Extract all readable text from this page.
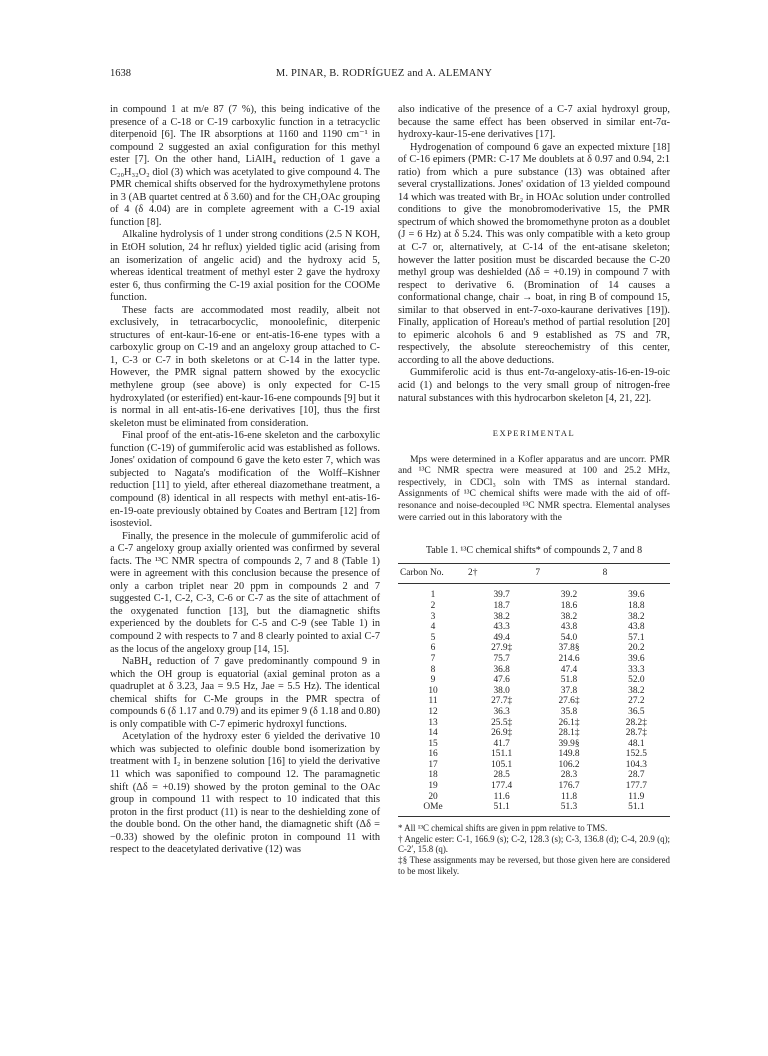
1638	M. PINAR, B. RODRÍGUEZ and A. ALEMANY

in compound 1 at m/e 87 (7 %), this being indicative of the presence of a C-18 or C-19 carboxylic function in a tetracyclic diterpenoid [6]. The IR absorptions at 1160 and 1190 cm⁻¹ in compound 2 suggested an axial configuration for this methyl ester [7]. On the other hand, LiAlH₄ reduction of 1 gave a C₂₀H₃₂O₂ diol (3) which was acetylated to give compound 4. The PMR chemical shifts observed for the hydroxymethylene protons in 3 (AB quartet centred at δ 3.60) and for the CH₂OAc grouping of 4 (δ 4.04) are in complete agreement with a C-19 axial function [8].

Alkaline hydrolysis of 1 under strong conditions (2.5 N KOH, in EtOH solution, 24 hr reflux) yielded tiglic acid (arising from an isomerization of angelic acid) and the hydroxy acid 5, whereas identical treatment of methyl ester 2 gave the hydroxy ester 6, thus confirming the C-19 axial position for the COOMe function.

These facts are accommodated most readily, albeit not exclusively, in tetracarbocyclic, monoolefinic, diterpenic structures of ent-kaur-16-ene or ent-atis-16-ene types with a carboxylic group on C-19 and an angeloxy group attached to C-1, C-3 or C-7 in both skeletons or at C-14 in the latter type. However, the PMR signal pattern showed by the exocyclic methylene group (see above) is only expected for C-15 hydroxylated (or esterified) ent-kaur-16-ene compounds [9] but it is normal in all ent-atis-16-ene derivatives [10], thus the first skeleton must be eliminated from consideration.

Final proof of the ent-atis-16-ene skeleton and the carboxylic function (C-19) of gummiferolic acid was established as follows. Jones' oxidation of compound 6 gave the keto ester 7, which was subjected to Nagata's modification of the Wolff–Kishner reduction [11] to yield, after ethereal diazomethane treatment, a compound (8) identical in all respects with methyl ent-atis-16-en-19-oate previously obtained by Coates and Bertram [12] from isosteviol.

Finally, the presence in the molecule of gummiferolic acid of a C-7 angeloxy group axially oriented was confirmed by several facts. The ¹³C NMR spectra of compounds 2, 7 and 8 (Table 1) were in agreement with this conclusion because the presence of only a carbon triplet near 20 ppm in compounds 2 and 7 suggested C-1, C-2, C-3, C-6 or C-7 as the site of attachment of the oxygenated function [13], but the diamagnetic shifts experienced by the doublets for C-5 and C-9 (see Table 1) in compound 2 with respects to 7 and 8 clearly pointed to axial C-7 as the locus of the angeloxy group [14, 15].

NaBH₄ reduction of 7 gave predominantly compound 9 in which the OH group is equatorial (axial geminal proton as a quadruplet at δ 3.23, Jaa = 9.5 Hz, Jae = 5.5 Hz). The identical chemical shifts for C-Me groups in the PMR spectra of compounds 6 (δ 1.17 and 0.79) and its epimer 9 (δ 1.18 and 0.80) is only compatible with C-7 epimeric hydroxyl functions.

Acetylation of the hydroxy ester 6 yielded the derivative 10 which was subjected to olefinic double bond isomerization by treatment with I₂ in benzene solution [16] to yield the derivative 11 which was saponified to compound 12. The paramagnetic shift (Δδ = +0.19) showed by the proton geminal to the OAc group in compound 11 with respect to 10 indicated that this proton in the first product (11) is near to the deshielding zone of the double bond. On the other hand, the diamagnetic shift (Δδ = −0.33) showed by the olefinic proton in compound 11 with respect to the deacetylated derivative (12) was

also indicative of the presence of a C-7 axial hydroxyl group, because the same effect has been observed in similar ent-7α-hydroxy-kaur-15-ene derivatives [17].

Hydrogenation of compound 6 gave an expected mixture [18] of C-16 epimers (PMR: C-17 Me doublets at δ 0.97 and 0.94, 2:1 ratio) from which a pure substance (13) was obtained after several crystallizations. Jones' oxidation of 13 yielded compound 14 which was treated with Br₂ in HOAc solution under controlled conditions to give the monobromoderivative 15, the PMR spectrum of which showed the bromomethyne proton as a doublet (J = 6 Hz) at δ 5.24. This was only compatible with a keto group at C-7 or, alternatively, at C-14 of the ent-atisane skeleton; however the latter position must be discarded because the C-20 methyl group was deshielded (Δδ = +0.19) in compound 7 with respect to derivative 6. (Bromination of 14 causes a conformational change, chair → boat, in ring B of compound 15, similar to that observed in ent-7-oxo-kaurane derivatives [19]). Finally, application of Horeau's method of partial resolution [20] to epimeric alcohols 6 and 9 established as 7S and 7R, respectively, the absolute stereochemistry of this center, according to all the above deductions.

Gummiferolic acid is thus ent-7α-angeloxy-atis-16-en-19-oic acid (1) and belongs to the very small group of nitrogen-free natural substances with this hydrocarbon skeleton [4, 21, 22].

EXPERIMENTAL

Mps were determined in a Kofler apparatus and are uncorr. PMR and ¹³C NMR spectra were measured at 100 and 25.2 MHz, respectively, in CDCl₃ soln with TMS as internal standard. Assignments of ¹³C chemical shifts were made with the aid of off-resonance and noise-decoupled ¹³C NMR spectra. Elemental analyses were carried out in this laboratory with the

Table 1. ¹³C chemical shifts* of compounds 2, 7 and 8
Carbon No.	2†	7	8
1	39.7	39.2	39.6
2	18.7	18.6	18.8
3	38.2	38.2	38.2
4	43.3	43.8	43.8
5	49.4	54.0	57.1
6	27.9‡	37.8§	20.2
7	75.7	214.6	39.6
8	36.8	47.4	33.3
9	47.6	51.8	52.0
10	38.0	37.8	38.2
11	27.7‡	27.6‡	27.2
12	36.3	35.8	36.5
13	25.5‡	26.1‡	28.2‡
14	26.9‡	28.1‡	28.7‡
15	41.7	39.9§	48.1
16	151.1	149.8	152.5
17	105.1	106.2	104.3
18	28.5	28.3	28.7
19	177.4	176.7	177.7
20	11.6	11.8	11.9
OMe	51.1	51.3	51.1
* All ¹³C chemical shifts are given in ppm relative to TMS.
† Angelic ester: C-1, 166.9 (s); C-2, 128.3 (s); C-3, 136.8 (d); C-4, 20.9 (q); C-2′, 15.8 (q).
‡§ These assignments may be reversed, but those given here are considered to be most likely.
